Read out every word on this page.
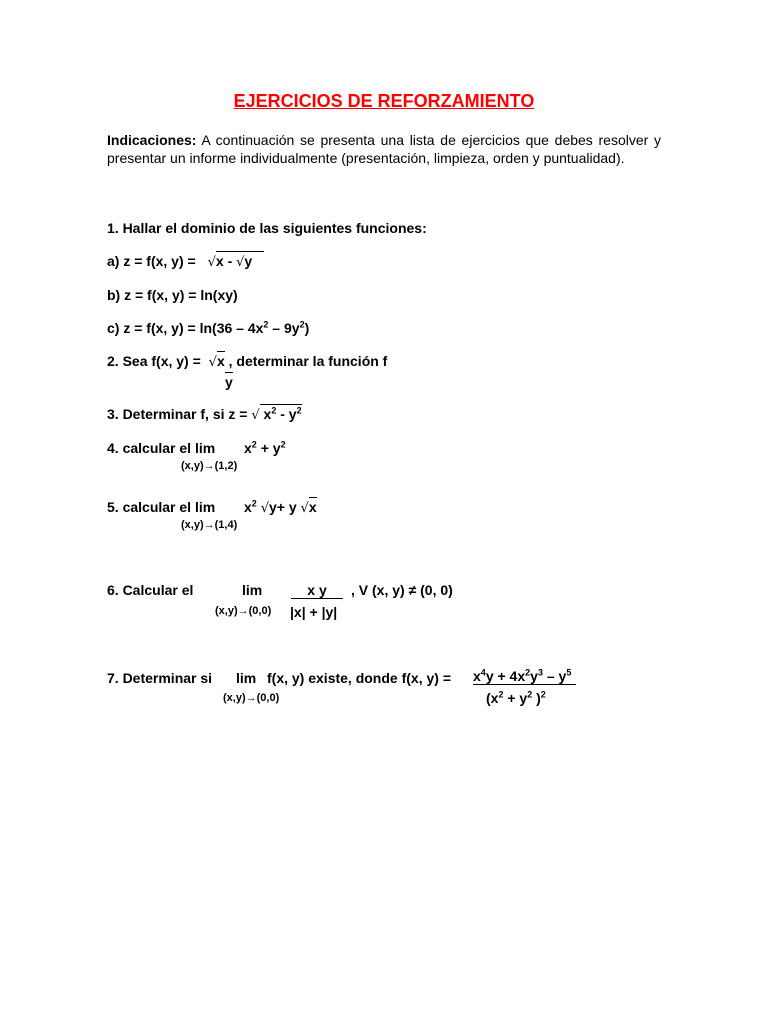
EJERCICIOS DE REFORZAMIENTO
Indicaciones: A continuación se presenta una lista de ejercicios que debes resolver y presentar un informe individualmente (presentación, limpieza, orden y puntualidad).
1. Hallar el dominio de las siguientes funciones:
a) z = f(x, y) = √x - √y
b) z = f(x, y) = ln(xy)
c) z = f(x, $y) = \ln(36 - 4x^2 - 9y^2)$
2. Sea f(x, y) = √x , determinar la función f
y
3. Determinar f, si z = √ $x^2 - y^2$
4. calcular el $\lim x^2 + y^2$
(x,y)→(1,2)
5. calcular el $\lim x^2$ √y+ y √x
(x,y)→(1,4)
6. Calcular el	lim	x y	, V (x, y) ≠ (0, 0)
(x,y)→(0,0) |x| + |y|
7. Determinar si lim f(x, y) existe, donde f(x, $y) = x^4y + 4x^2y^3 - y^5$
($x^2 + y^2$ )$^2$
(x,y)→(0,0)
